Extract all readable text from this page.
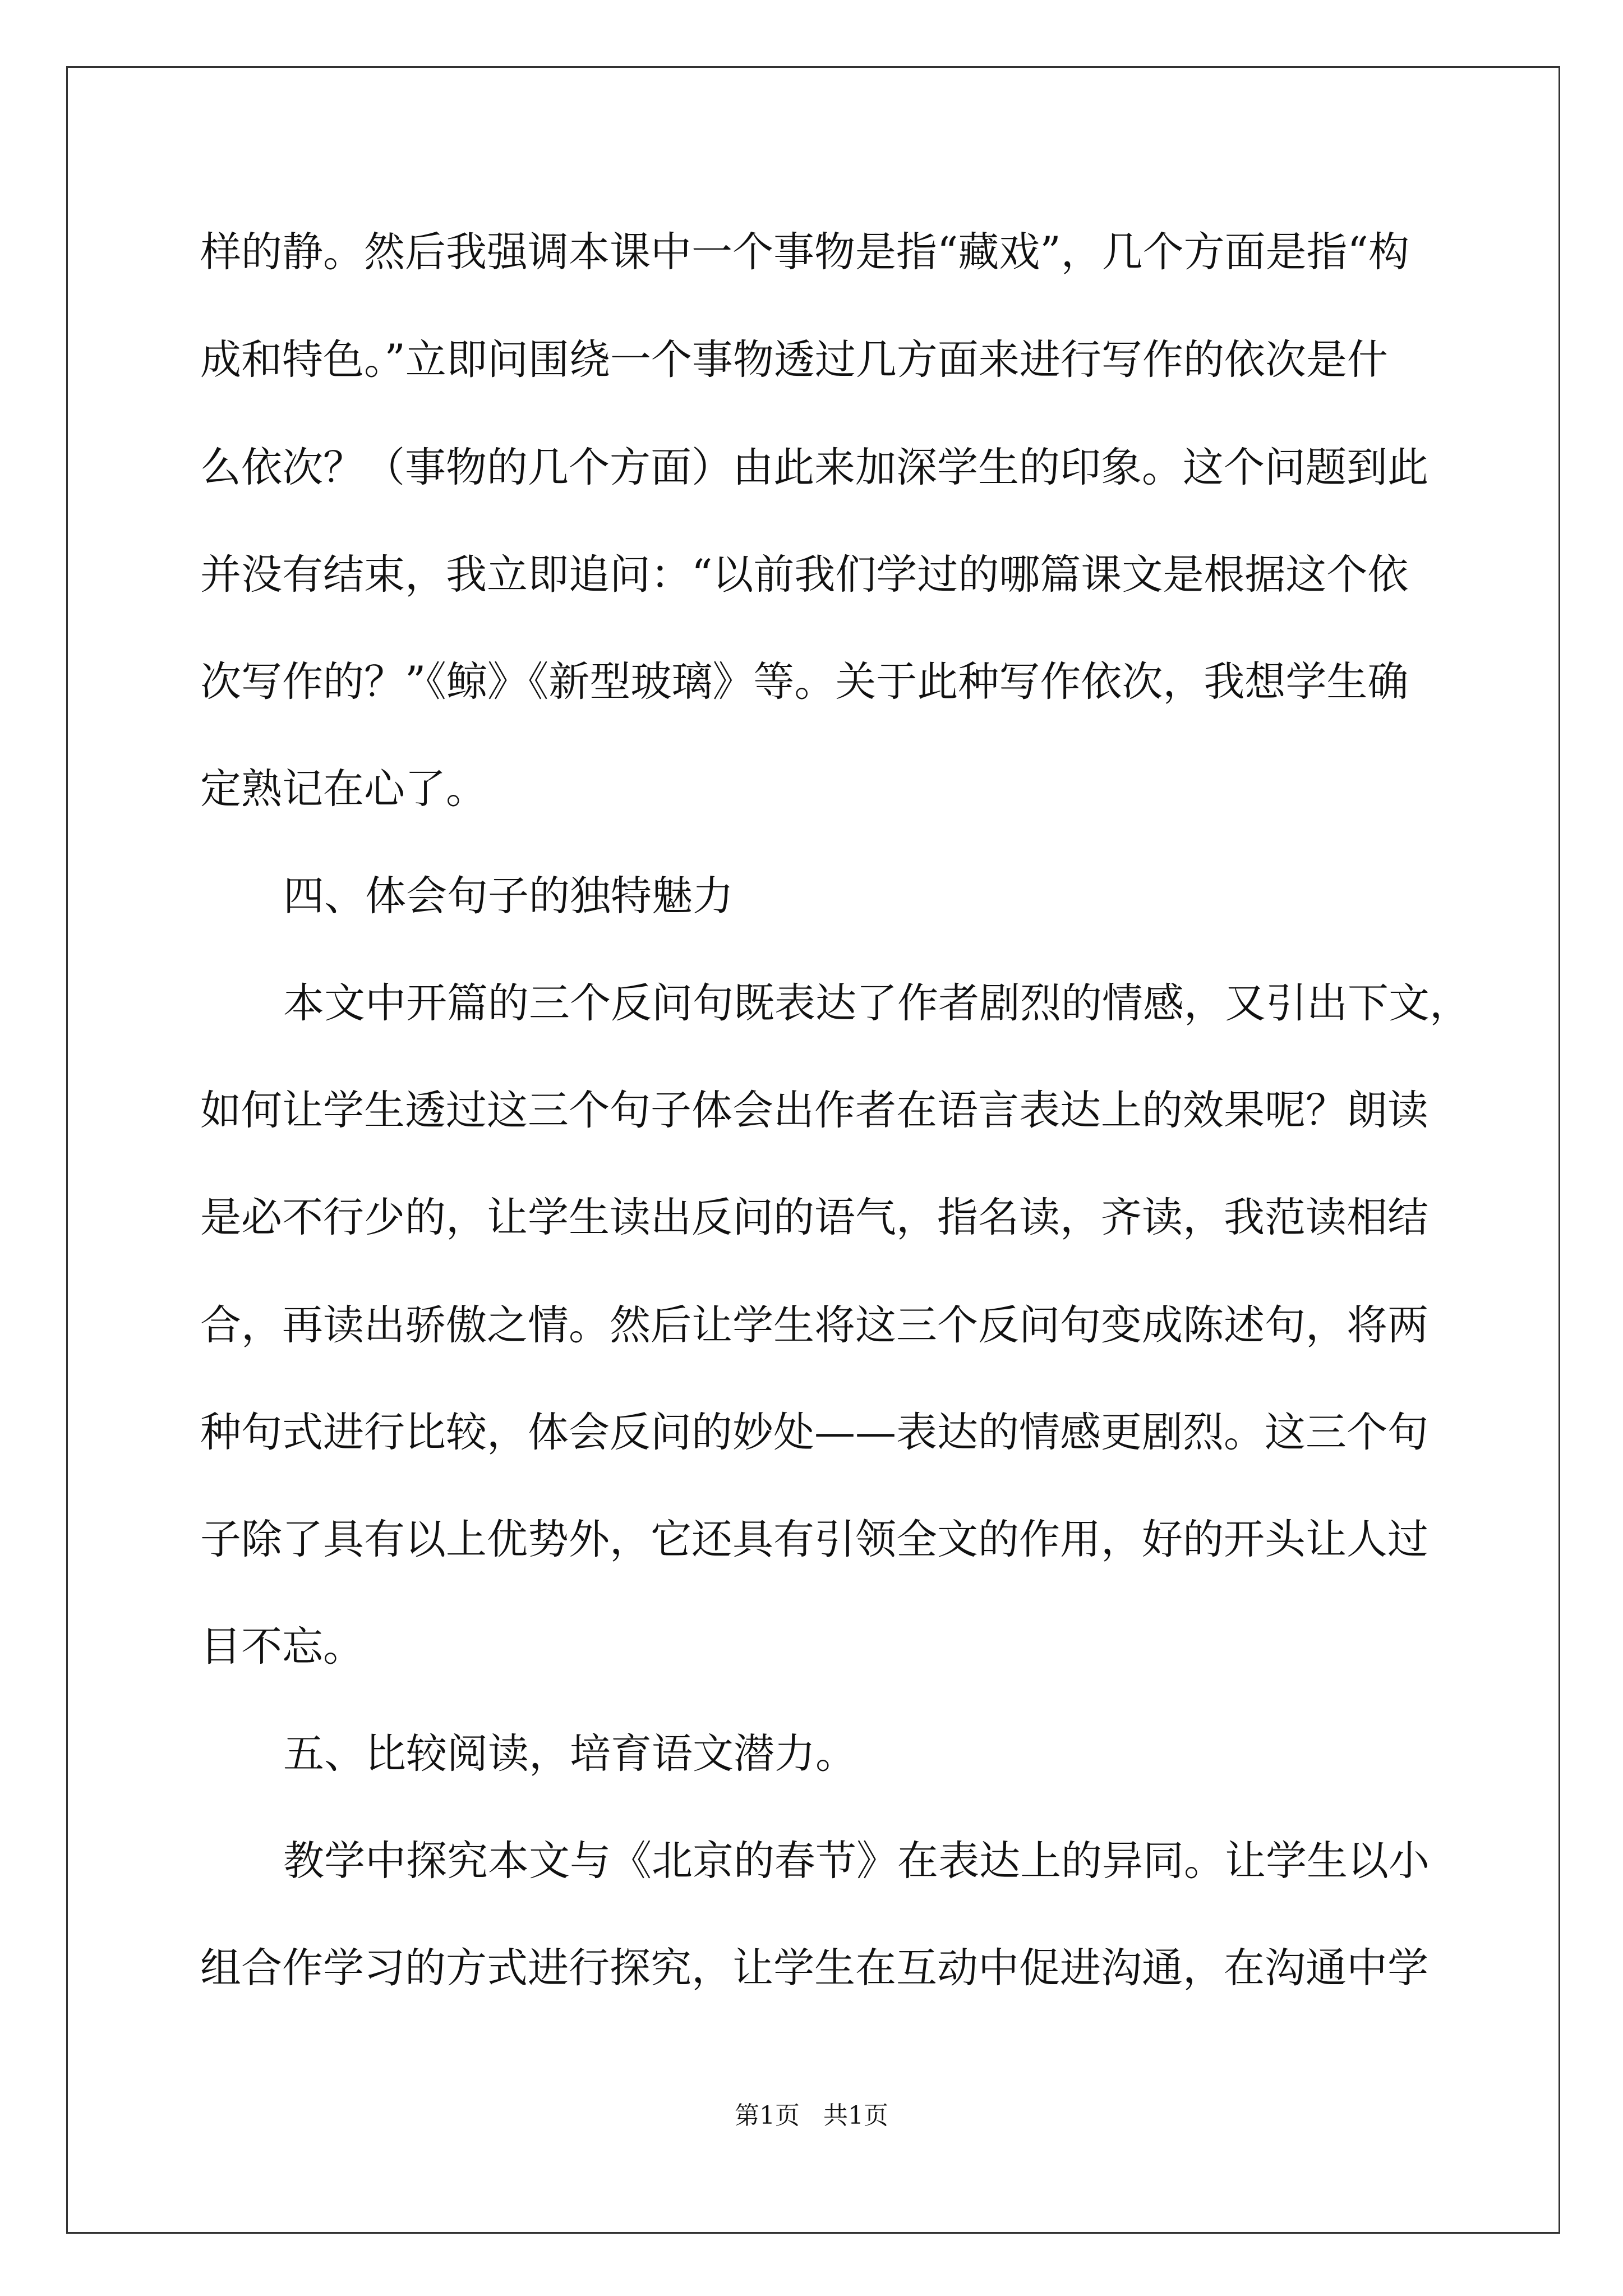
样的静。然后我强调本课中一个事物是指“藏戏”，几个方面是指“构
成和特色。”立即问围绕一个事物透过几方面来进行写作的依次是什
么依次？（事物的几个方面）由此来加深学生的印象。这个问题到此
并没有结束，我立即追问：“以前我们学过的哪篇课文是根据这个依
次写作的？”《鲸》《新型玻璃》等。关于此种写作依次，我想学生确
定熟记在心了。
四、体会句子的独特魅力
本文中开篇的三个反问句既表达了作者剧烈的情感，又引出下文，
如何让学生透过这三个句子体会出作者在语言表达上的效果呢？朗读
是必不行少的，让学生读出反问的语气，指名读，齐读，我范读相结
合，再读出骄傲之情。然后让学生将这三个反问句变成陈述句，将两
种句式进行比较，体会反问的妙处——表达的情感更剧烈。这三个句
子除了具有以上优势外，它还具有引领全文的作用，好的开头让人过
目不忘。
五、比较阅读，培育语文潜力。
教学中探究本文与《北京的春节》在表达上的异同。让学生以小
组合作学习的方式进行探究，让学生在互动中促进沟通，在沟通中学
第1页   共1页
